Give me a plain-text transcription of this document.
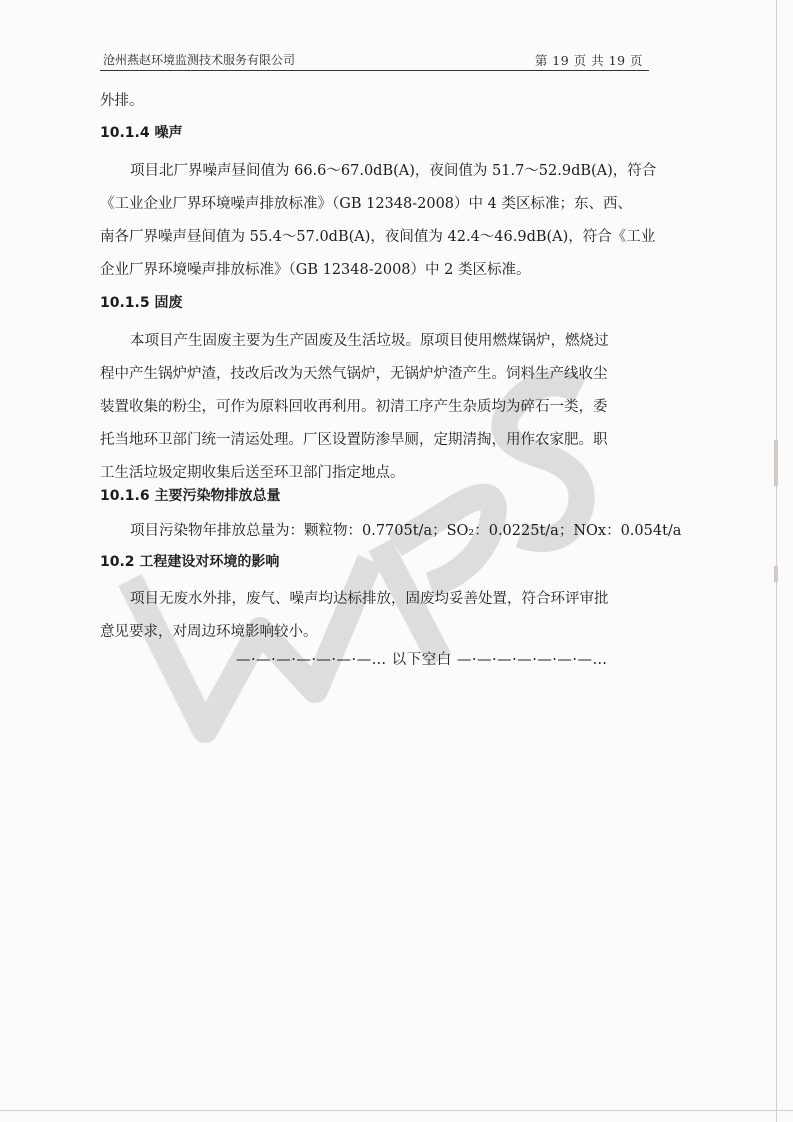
沧州燕赵环境监测技术服务有限公司	第 19 页 共 19 页
外排。
10.1.4 噪声
项目北厂界噪声昼间值为 66.6～67.0dB(A)，夜间值为 51.7～52.9dB(A)，符合
《工业企业厂界环境噪声排放标准》（GB 12348-2008）中 4 类区标准；东、西、
南各厂界噪声昼间值为 55.4～57.0dB(A)，夜间值为 42.4～46.9dB(A)，符合《工业
企业厂界环境噪声排放标准》（GB 12348-2008）中 2 类区标准。
10.1.5 固废
本项目产生固废主要为生产固废及生活垃圾。原项目使用燃煤锅炉，燃烧过
程中产生锅炉炉渣，技改后改为天然气锅炉，无锅炉炉渣产生。饲料生产线收尘
装置收集的粉尘，可作为原料回收再利用。初清工序产生杂质均为碎石一类，委
托当地环卫部门统一清运处理。厂区设置防渗旱厕，定期清掏，用作农家肥。职
工生活垃圾定期收集后送至环卫部门指定地点。
10.1.6 主要污染物排放总量
项目污染物年排放总量为：颗粒物：0.7705t/a；SO₂：0.0225t/a；NOx：0.054t/a
10.2 工程建设对环境的影响
项目无废水外排，废气、噪声均达标排放，固废均妥善处置，符合环评审批
意见要求，对周边环境影响较小。
—·—·—·—·—·—·—… 以下空白 —·—·—·—·—·—·—…
